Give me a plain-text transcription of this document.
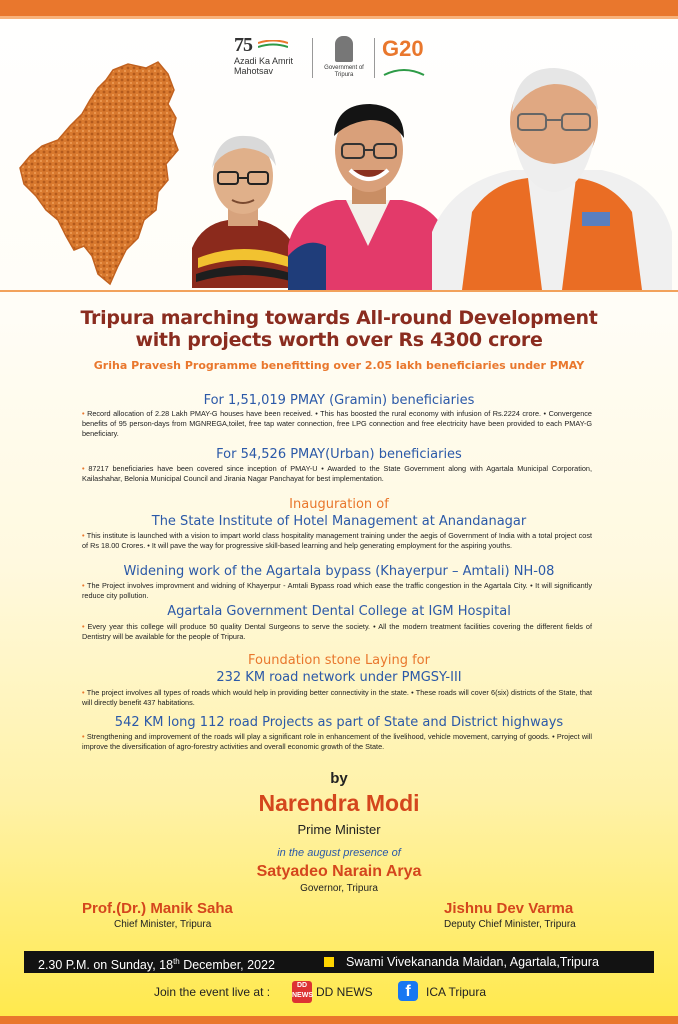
75
Azadi Ka Amrit Mahotsav	Government of Tripura
G20
Tripura marching towards All-round Development
with projects worth over Rs 4300 crore
Griha Pravesh Programme benefitting over 2.05 lakh beneficiaries under PMAY
For 1,51,019 PMAY (Gramin) beneficiaries
• Record allocation of 2.28 Lakh PMAY-G houses have been received. • This has boosted the rural economy with infusion of Rs.2224 crore. • Convergence benefits of 95 person-days from MGNREGA,toilet, free tap water connection, free LPG connection and free electricity have been provided to each PMAY-G beneficiary.
For 54,526 PMAY(Urban) beneficiaries
• 87217 beneficiaries have been covered since inception of PMAY-U • Awarded to the State Government along with Agartala Municipal Corporation, Kailashahar, Belonia Municipal Council and Jirania Nagar Panchayat for best implementation.
Inauguration of
The State Institute of Hotel Management at Anandanagar
• This institute is launched with a vision to impart world class hospitality management training under the aegis of Government of India with a total project cost of Rs 18.00 Crores. • It will pave the way for progressive skill-based learning and help generating employment for the aspiring youths.
Widening work of the Agartala bypass (Khayerpur – Amtali) NH-08
• The Project involves improvment and widning of Khayerpur - Amtali Bypass road which ease the traffic congestion in the Agartala City. • It will significantly reduce city pollution.
Agartala Government Dental College at IGM Hospital
• Every year this college will produce 50 quality Dental Surgeons to serve the society. • All the modern treatment facilities covering the different fields of Dentistry will be available for the people of Tripura.
Foundation stone Laying for
232 KM road network under PMGSY-III
• The project involves all types of roads which would help in providing better connectivity in the state. • These roads will cover 6(six) districts of the State, that will directly benefit 437 habitations.
542 KM long 112 road Projects as part of State and District highways
• Strengthening and improvement of the roads will play a significant role in enhancement of the livelihood, vehicle movement, carrying of goods. • Project will improve the diversification of agro-forestry activities and overall economic growth of the State.
by
Narendra Modi
Prime Minister
in the august presence of
Satyadeo Narain Arya
Governor, Tripura
Prof.(Dr.) Manik Saha
Chief Minister, Tripura
Jishnu Dev Varma
Deputy Chief Minister, Tripura
2.30 P.M. on Sunday, 18th December, 2022	Swami Vivekananda Maidan, Agartala,Tripura
Join the event live at :	DD NEWS DD NEWS	f	ICA Tripura
